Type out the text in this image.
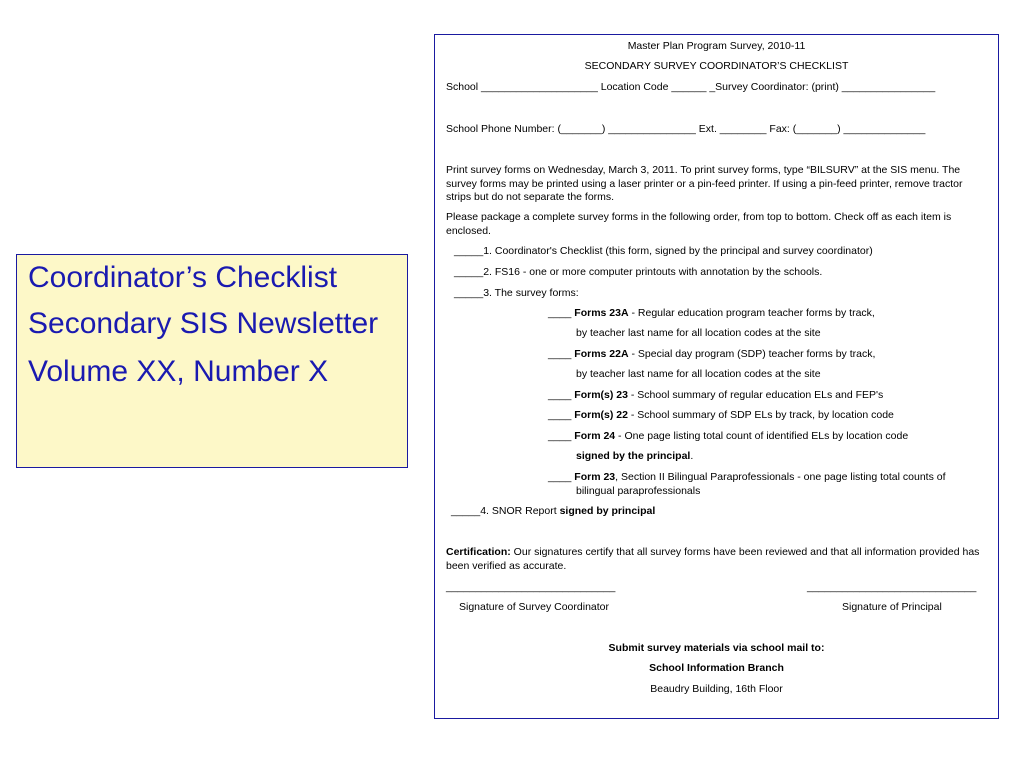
Coordinator’s Checklist

Secondary SIS Newsletter

Volume XX, Number X

Master Plan Program Survey, 2010-11
SECONDARY SURVEY COORDINATOR’S CHECKLIST
School ____________________ Location Code ______ _Survey Coordinator: (print) ________________
School Phone Number: (_______) _______________ Ext. ________ Fax: (_______) ______________
Print survey forms on Wednesday, March 3, 2011. To print survey forms, type “BILSURV” at the SIS menu. The survey forms may be printed using a laser printer or a pin-feed printer. If using a pin-feed printer, remove tractor strips but do not separate the forms.
Please package a complete survey forms in the following order, from top to bottom. Check off as each item is enclosed.
_____1. Coordinator's Checklist (this form, signed by the principal and survey coordinator)
_____2. FS16 - one or more computer printouts with annotation by the schools.
_____3. The survey forms:
____ Forms 23A - Regular education program teacher forms by track,
by teacher last name for all location codes at the site
____ Forms 22A - Special day program (SDP) teacher forms by track,
by teacher last name for all location codes at the site
____ Form(s) 23 - School summary of regular education ELs and FEP's
____ Form(s) 22 - School summary of SDP ELs by track, by location code
____ Form 24 - One page listing total count of identified ELs by location code
signed by the principal.
____ Form 23, Section II Bilingual Paraprofessionals - one page listing total counts of
bilingual paraprofessionals
_____4. SNOR Report signed by principal
Certification: Our signatures certify that all survey forms have been reviewed and that all information provided has been verified as accurate.
_____________________________	_____________________________
Signature of Survey Coordinator	Signature of Principal
Submit survey materials via school mail to:
School Information Branch
Beaudry Building, 16th Floor
